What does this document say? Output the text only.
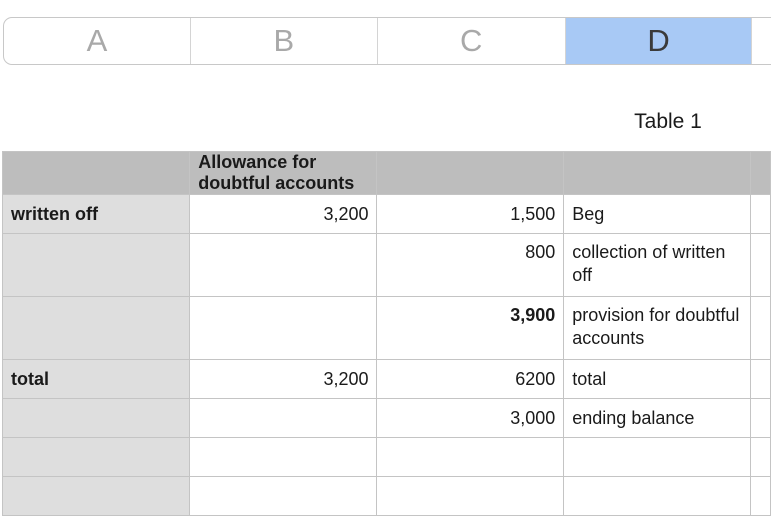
A	B	C	D
Table 1
	Allowance for doubtful accounts			
written off	3,200	1,500	Beg	
		800	collection of written off	
		3,900	provision for doubtful accounts	
total	3,200	6200	total	
		3,000	ending balance	
